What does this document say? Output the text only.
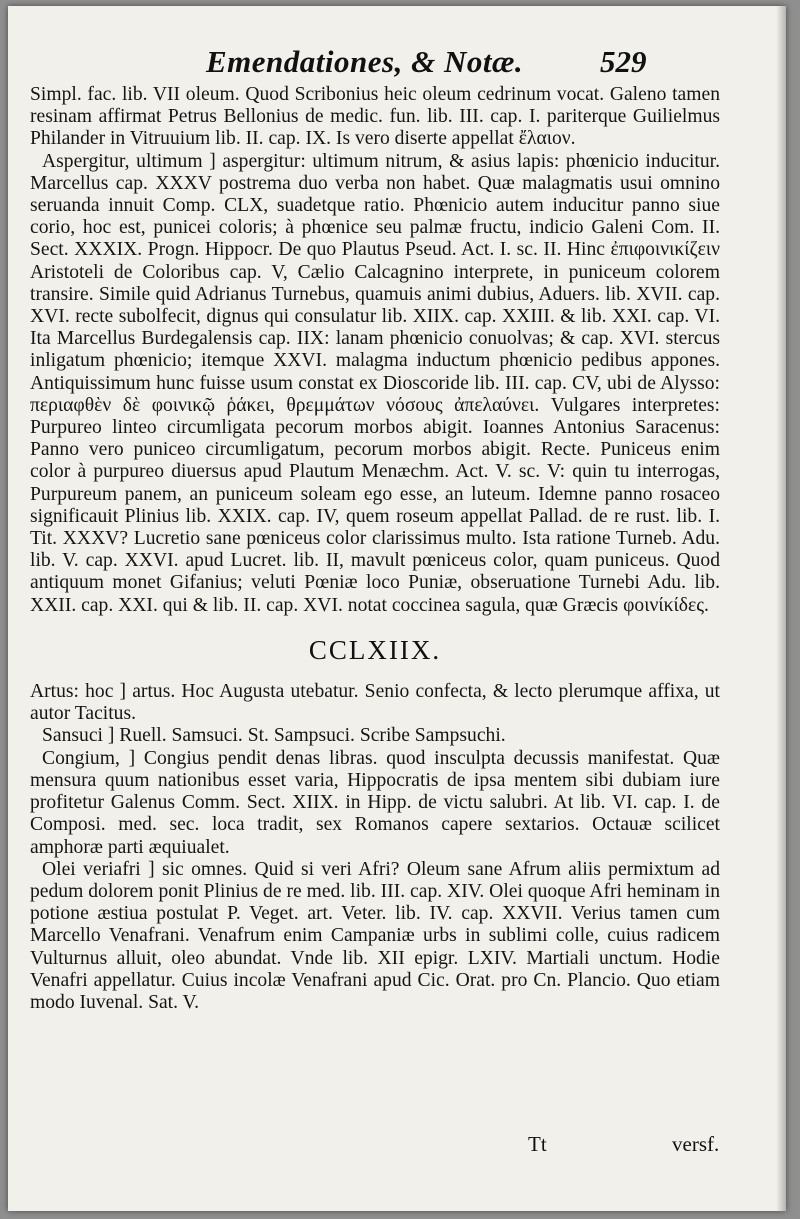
Emendationes, & Notæ. 529

Simpl. fac. lib. VII oleum. Quod Scribonius heic oleum cedrinum vocat. Galeno tamen resinam affirmat Petrus Bellonius de medic. fun. lib. III. cap. I. pariterque Guilielmus Philander in Vitruuium lib. II. cap. IX. Is vero diserte appellat ἔλαιον.

Aspergitur, ultimum ] aspergitur: ultimum nitrum, & asius lapis: phœnicio inducitur. Marcellus cap. XXXV postrema duo verba non habet. Quæ malagmatis usui omnino seruanda innuit Comp. CLX, suadetque ratio. Phœnicio autem inducitur panno siue corio, hoc est, punicei coloris; à phœnice seu palmæ fructu, indicio Galeni Com. II. Sect. XXXIX. Progn. Hippocr. De quo Plautus Pseud. Act. I. sc. II. Hinc ἐπιφοινικίζειν Aristoteli de Coloribus cap. V, Cælio Calcagnino interprete, in puniceum colorem transire. Simile quid Adrianus Turnebus, quamuis animi dubius, Aduers. lib. XVII. cap. XVI. recte subolfecit, dignus qui consulatur lib. XIIX. cap. XXIII. & lib. XXI. cap. VI. Ita Marcellus Burdegalensis cap. IIX: lanam phœnicio conuolvas; & cap. XVI. stercus inligatum phœnicio; itemque XXVI. malagma inductum phœnicio pedibus appones. Antiquissimum hunc fuisse usum constat ex Dioscoride lib. III. cap. CV, ubi de Alysso: περιαφθὲν δὲ φοινικῷ ῥάκει, θρεμμάτων νόσους ἀπελαύνει. Vulgares interpretes: Purpureo linteo circumligata pecorum morbos abigit. Ioannes Antonius Saracenus: Panno vero puniceo circumligatum, pecorum morbos abigit. Recte. Puniceus enim color à purpureo diuersus apud Plautum Menæchm. Act. V. sc. V: quin tu interrogas, Purpureum panem, an puniceum soleam ego esse, an luteum. Idemne panno rosaceo significauit Plinius lib. XXIX. cap. IV, quem roseum appellat Pallad. de re rust. lib. I. Tit. XXXV? Lucretio sane pœniceus color clarissimus multo. Ista ratione Turneb. Adu. lib. V. cap. XXVI. apud Lucret. lib. II, mavult pœniceus color, quam puniceus. Quod antiquum monet Gifanius; veluti Pœniæ loco Puniæ, obseruatione Turnebi Adu. lib. XXII. cap. XXI. qui & lib. II. cap. XVI. notat coccinea sagula, quæ Græcis φοινίκίδες.

CCLXIIX.

Artus: hoc ] artus. Hoc Augusta utebatur. Senio confecta, & lecto plerumque affixa, ut autor Tacitus.

Sansuci ] Ruell. Samsuci. St. Sampsuci. Scribe Sampsuchi.

Congium, ] Congius pendit denas libras. quod insculpta decussis manifestat. Quæ mensura quum nationibus esset varia, Hippocratis de ipsa mentem sibi dubiam iure profitetur Galenus Comm. Sect. XIIX. in Hipp. de victu salubri. At lib. VI. cap. I. de Composi. med. sec. loca tradit, sex Romanos capere sextarios. Octauæ scilicet amphoræ parti æquiualet.

Olei veriafri ] sic omnes. Quid si veri Afri? Oleum sane Afrum aliis permixtum ad pedum dolorem ponit Plinius de re med. lib. III. cap. XIV. Olei quoque Afri heminam in potione æstiua postulat P. Veget. art. Veter. lib. IV. cap. XXVII. Verius tamen cum Marcello Venafrani. Venafrum enim Campaniæ urbs in sublimi colle, cuius radicem Vulturnus alluit, oleo abundat. Vnde lib. XII epigr. LXIV. Martiali unctum. Hodie Venafri appellatur. Cuius incolæ Venafrani apud Cic. Orat. pro Cn. Plancio. Quo etiam modo Iuvenal. Sat. V.

Tt	versf.
